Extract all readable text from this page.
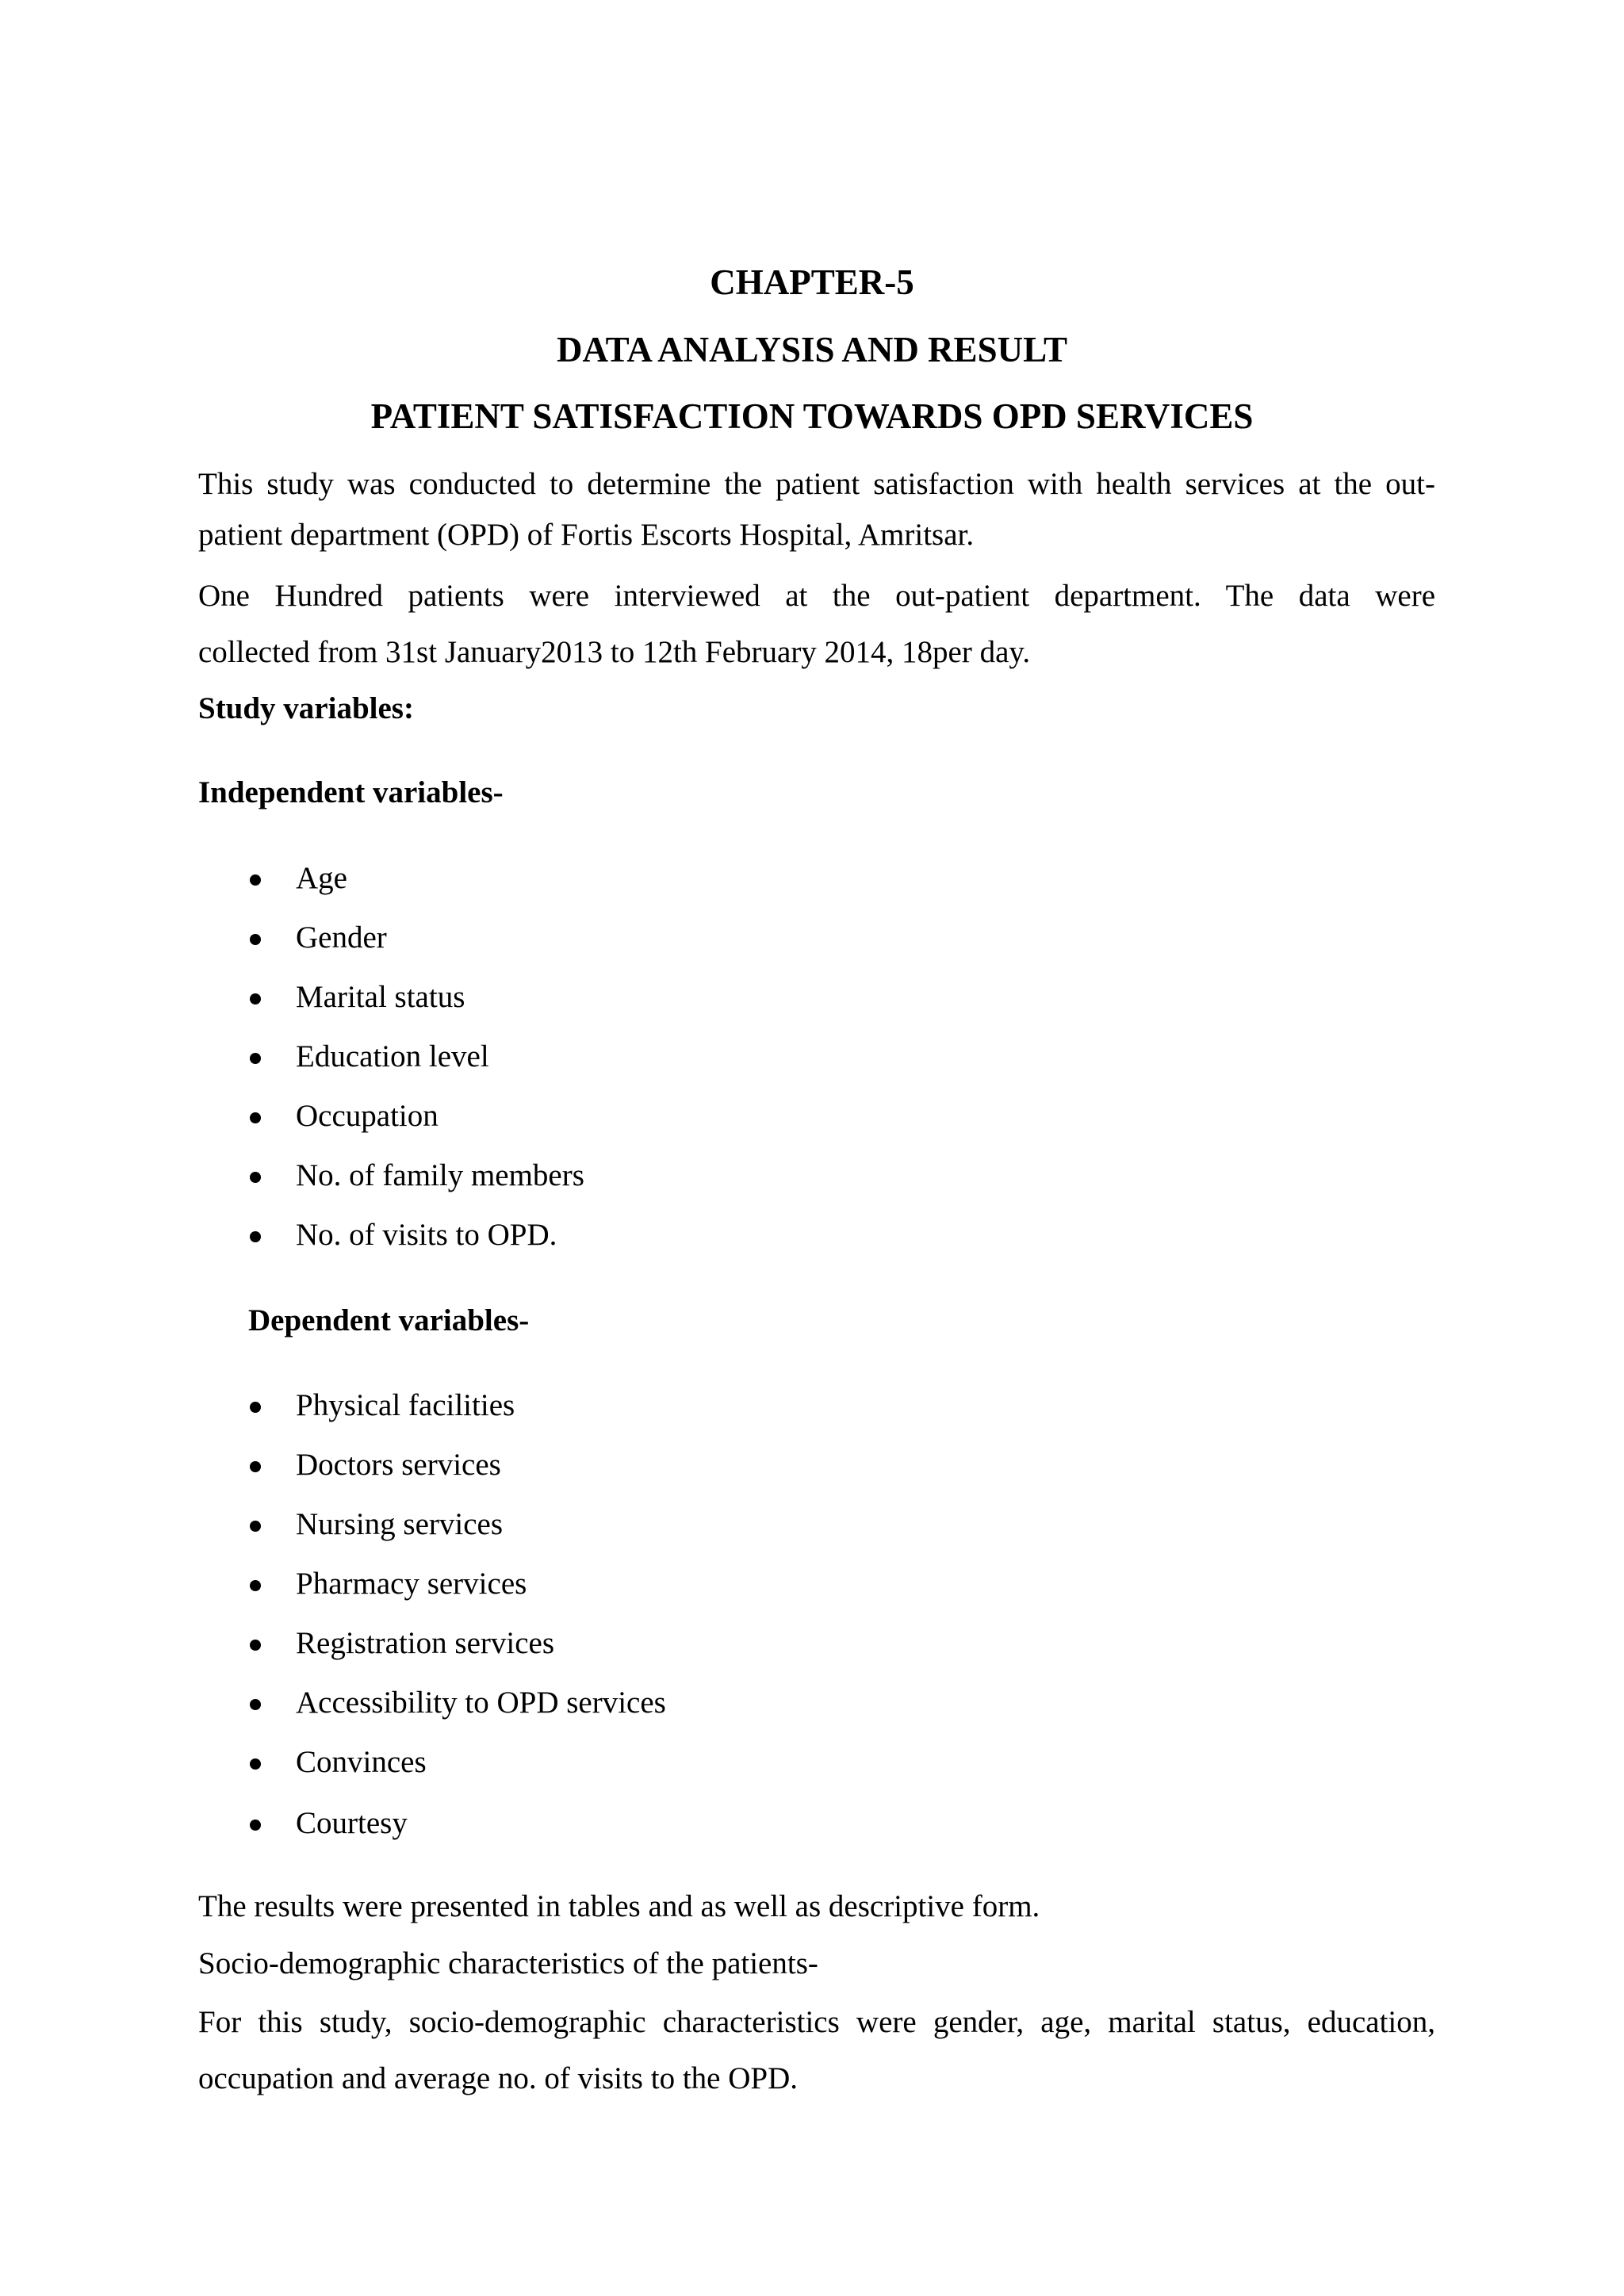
CHAPTER-5
DATA ANALYSIS AND RESULT
PATIENT SATISFACTION TOWARDS OPD SERVICES
This study was conducted to determine the patient satisfaction with health services at the out-
patient department (OPD) of Fortis Escorts Hospital, Amritsar.
One Hundred patients were interviewed at the out-patient department. The data were
collected from 31st January2013 to 12th February 2014, 18per day.
Study variables:
Independent variables-
Age
Gender
Marital status
Education level
Occupation
No. of family members
No. of visits to OPD.
Dependent variables-
Physical facilities
Doctors services
Nursing services
Pharmacy services
Registration services
Accessibility to OPD services
Convinces
Courtesy
The results were presented in tables and as well as descriptive form.
Socio-demographic characteristics of the patients-
For this study, socio-demographic characteristics were gender, age, marital status, education,
occupation and average no. of visits to the OPD.
